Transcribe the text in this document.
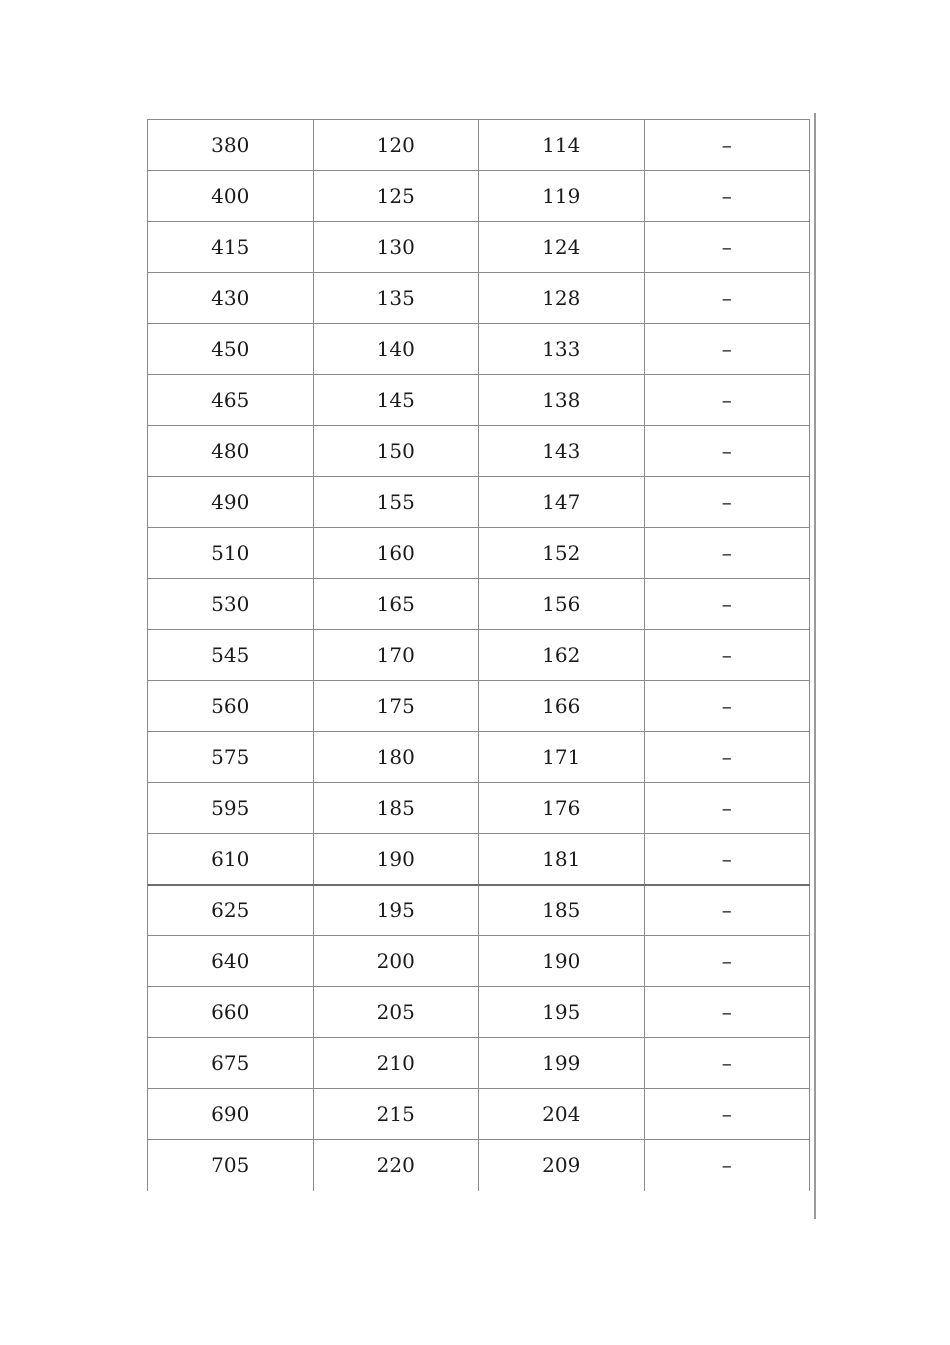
380	120	114	–
400	125	119	–
415	130	124	–
430	135	128	–
450	140	133	–
465	145	138	–
480	150	143	–
490	155	147	–
510	160	152	–
530	165	156	–
545	170	162	–
560	175	166	–
575	180	171	–
595	185	176	–
610	190	181	–
625	195	185	–
640	200	190	–
660	205	195	–
675	210	199	–
690	215	204	–
705	220	209	–
